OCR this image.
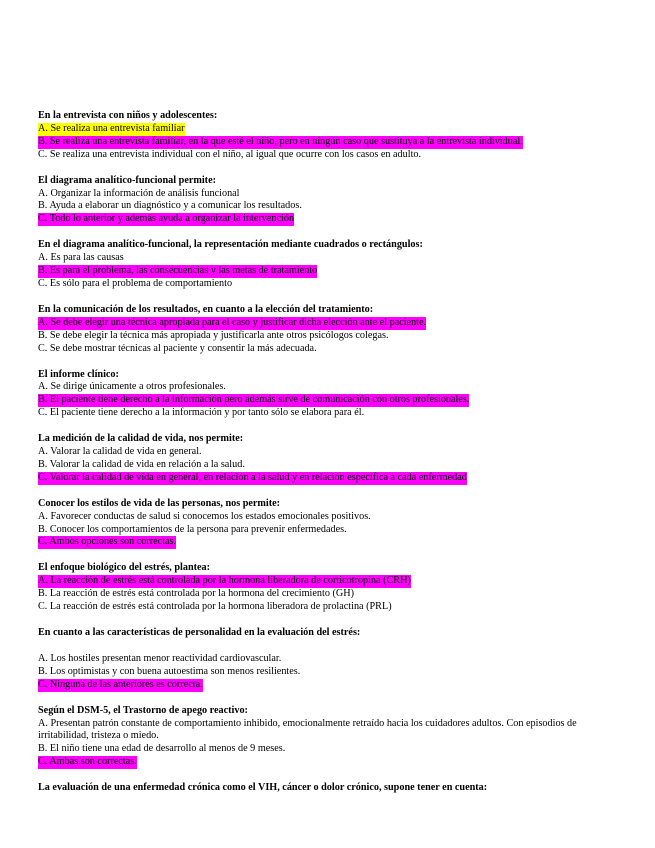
En la entrevista con niños y adolescentes:

A. Se realiza una entrevista familiar

B. Se realiza una entrevista familiar, en la que esté el niño, pero en ningún caso que sustituya a la entrevista individual.

C. Se realiza una entrevista individual con el niño, al igual que ocurre con los casos en adulto.

El diagrama analítico-funcional permite:

A. Organizar la información de análisis funcional

B. Ayuda a elaborar un diagnóstico y a comunicar los resultados.

C. Todo lo anterior y además ayuda a organizar la intervención

En el diagrama analítico-funcional, la representación mediante cuadrados o rectángulos:

A. Es para las causas

B. Es para el problema, las consecuencias y las metas de tratamiento

C. Es sólo para el problema de comportamiento

En la comunicación de los resultados, en cuanto a la elección del tratamiento:

A. Se debe elegir una técnica apropiada para el caso y justificar dicha elección ante el paciente.

B. Se debe elegir la técnica más apropiada y justificarla ante otros psicólogos colegas.

C. Se debe mostrar técnicas al paciente y consentir la más adecuada.

El informe clínico:

A. Se dirige únicamente a otros profesionales.

B. El paciente tiene derecho a la información pero además sirve de comunicación con otros profesionales.

C. El paciente tiene derecho a la información y por tanto sólo se elabora para él.

La medición de la calidad de vida, nos permite:

A. Valorar la calidad de vida en general.

B. Valorar la calidad de vida en relación a la salud.

C. Valorar la calidad de vida en general, en relación a la salud y en relación específica a cada enfermedad

Conocer los estilos de vida de las personas, nos permite:

A. Favorecer conductas de salud si conocemos los estados emocionales positivos.

B. Conocer los comportamientos de la persona para prevenir enfermedades.

C. Ambos opciones son correctas.

El enfoque biológico del estrés, plantea:

A. La reacción de estrés está controlada por la hormona liberadora de corticotropina (CRH)

B. La reacción de estrés está controlada por la hormona del crecimiento (GH)

C. La reacción de estrés está controlada por la hormona liberadora de prolactina (PRL)

En cuanto a las características de personalidad en la evaluación del estrés:

A. Los hostiles presentan menor reactividad cardiovascular.

B. Los optimistas y con buena autoestima son menos resilientes.

C. Ninguna de las anteriores es correcta.

Según el DSM-5, el Trastorno de apego reactivo:

A. Presentan patrón constante de comportamiento inhibido, emocionalmente retraído hacia los cuidadores adultos. Con episodios de irritabilidad, tristeza o miedo.

B. El niño tiene una edad de desarrollo al menos de 9 meses.

C. Ambas son correctas.

La evaluación de una enfermedad crónica como el VIH, cáncer o dolor crónico, supone tener en cuenta:
